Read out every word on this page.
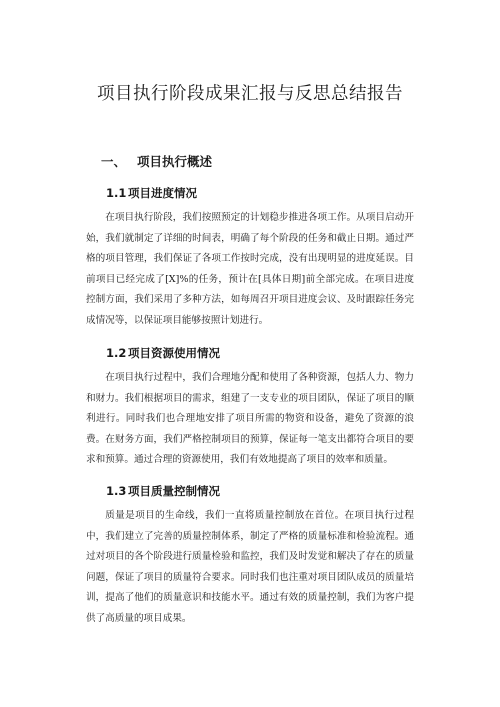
项目执行阶段成果汇报与反思总结报告
一、 项目执行概述
1.1 项目进度情况

在项目执行阶段，我们按照预定的计划稳步推进各项工作。从项目启动开始，我们就制定了详细的时间表，明确了每个阶段的任务和截止日期。通过严格的项目管理，我们保证了各项工作按时完成，没有出现明显的进度延误。目前项目已经完成了[X]%的任务，预计在[具体日期]前全部完成。在项目进度控制方面，我们采用了多种方法，如每周召开项目进度会议、及时跟踪任务完成情况等，以保证项目能够按照计划进行。

1.2 项目资源使用情况

在项目执行过程中，我们合理地分配和使用了各种资源，包括人力、物力和财力。我们根据项目的需求，组建了一支专业的项目团队，保证了项目的顺利进行。同时我们也合理地安排了项目所需的物资和设备，避免了资源的浪费。在财务方面，我们严格控制项目的预算，保证每一笔支出都符合项目的要求和预算。通过合理的资源使用，我们有效地提高了项目的效率和质量。

1.3 项目质量控制情况

质量是项目的生命线，我们一直将质量控制放在首位。在项目执行过程中，我们建立了完善的质量控制体系，制定了严格的质量标准和检验流程。通过对项目的各个阶段进行质量检验和监控，我们及时发觉和解决了存在的质量问题，保证了项目的质量符合要求。同时我们也注重对项目团队成员的质量培训，提高了他们的质量意识和技能水平。通过有效的质量控制，我们为客户提供了高质量的项目成果。
